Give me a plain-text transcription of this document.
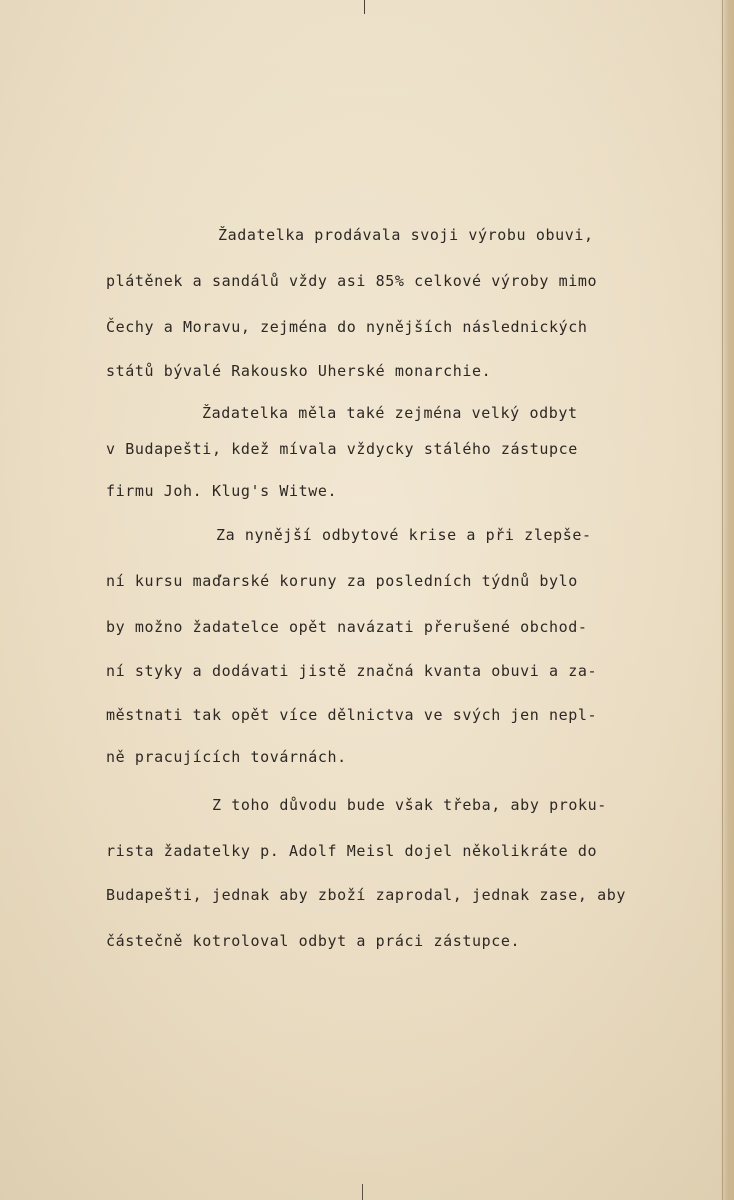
Žadatelka prodávala svoji výrobu obuvi,
plátěnek a sandálů vždy asi 85% celkové výroby mimo
Čechy a Moravu, zejména do nynějších následnických
států bývalé Rakousko Uherské monarchie.
Žadatelka měla také zejména velký odbyt
v Budapešti, kdež mívala vždycky stálého zástupce
firmu Joh. Klug's Witwe.
Za nynější odbytové krise a při zlepše-
ní kursu maďarské koruny za posledních týdnů bylo
by možno žadatelce opět navázati přerušené obchod-
ní styky a dodávati jistě značná kvanta obuvi a za-
městnati tak opět více dělnictva ve svých jen nepl-
ně pracujících továrnách.
Z toho důvodu bude však třeba, aby proku-
rista žadatelky p. Adolf Meisl dojel několikráte do
Budapešti, jednak aby zboží zaprodal, jednak zase, aby
částečně kotroloval odbyt a práci zástupce.
